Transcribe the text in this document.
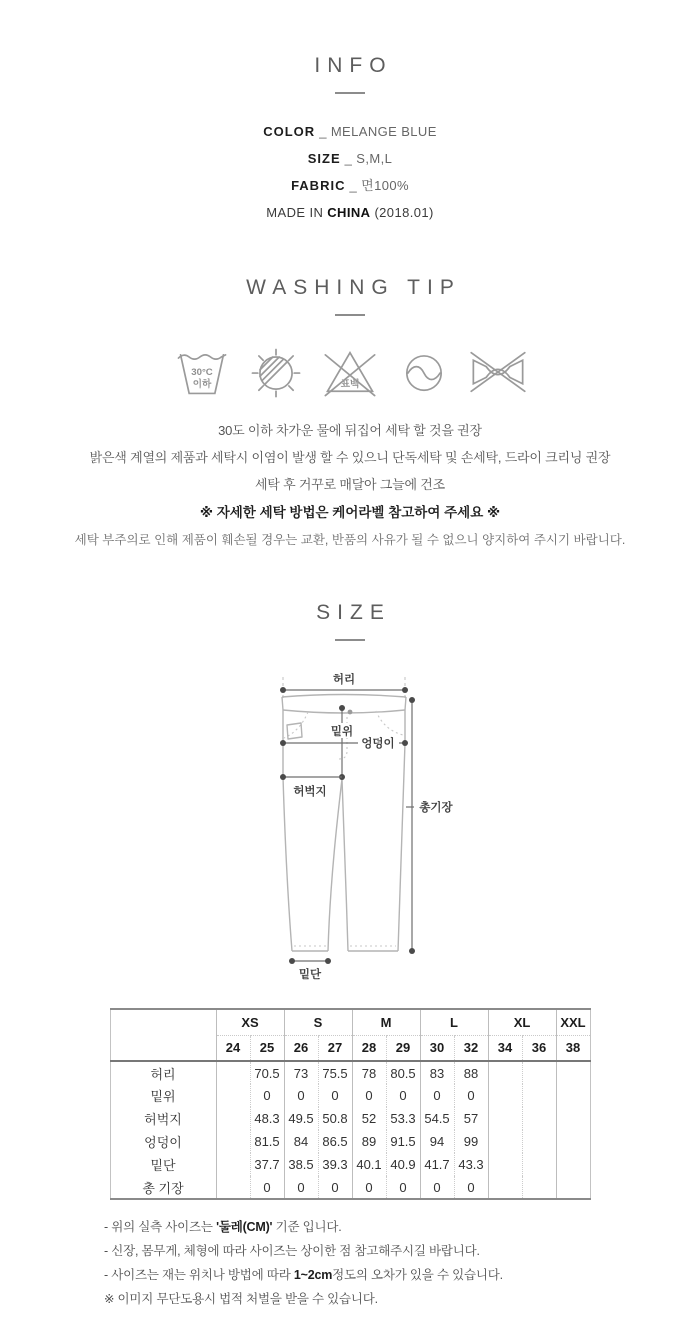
INFO
COLOR _ MELANGE BLUE
SIZE _ S,M,L
FABRIC _ 면100%
MADE IN CHINA (2018.01)
WASHING TIP
30°C
이하	표백
30도 이하 차가운 물에 뒤집어 세탁 할 것을 권장
밝은색 계열의 제품과 세탁시 이염이 발생 할 수 있으니 단독세탁 및 손세탁, 드라이 크리닝 권장
세탁 후 거꾸로 매달아 그늘에 건조
※ 자세한 세탁 방법은 케어라벨 참고하여 주세요 ※
세탁 부주의로 인해 제품이 훼손될 경우는 교환, 반품의 사유가 될 수 없으니 양지하여 주시기 바랍니다.
SIZE
허리
밑위
엉덩이
허벅지
총기장
밑단
	XS		S		M		L		XL		XXL
	24	25	26	27	28	29	30	32	34	36	38
허리		70.5	73	75.5	78	80.5	83	88			
밑위		0	0	0	0	0	0	0			
허벅지		48.3	49.5	50.8	52	53.3	54.5	57			
엉덩이		81.5	84	86.5	89	91.5	94	99			
밑단		37.7	38.5	39.3	40.1	40.9	41.7	43.3			
총 기장		0	0	0	0	0	0	0			
- 위의 실측 사이즈는 '둘레(CM)' 기준 입니다.
- 신장, 몸무게, 체형에 따라 사이즈는 상이한 점 참고해주시길 바랍니다.
- 사이즈는 재는 위치나 방법에 따라 1~2cm정도의 오차가 있을 수 있습니다.
※ 이미지 무단도용시 법적 처벌을 받을 수 있습니다.
